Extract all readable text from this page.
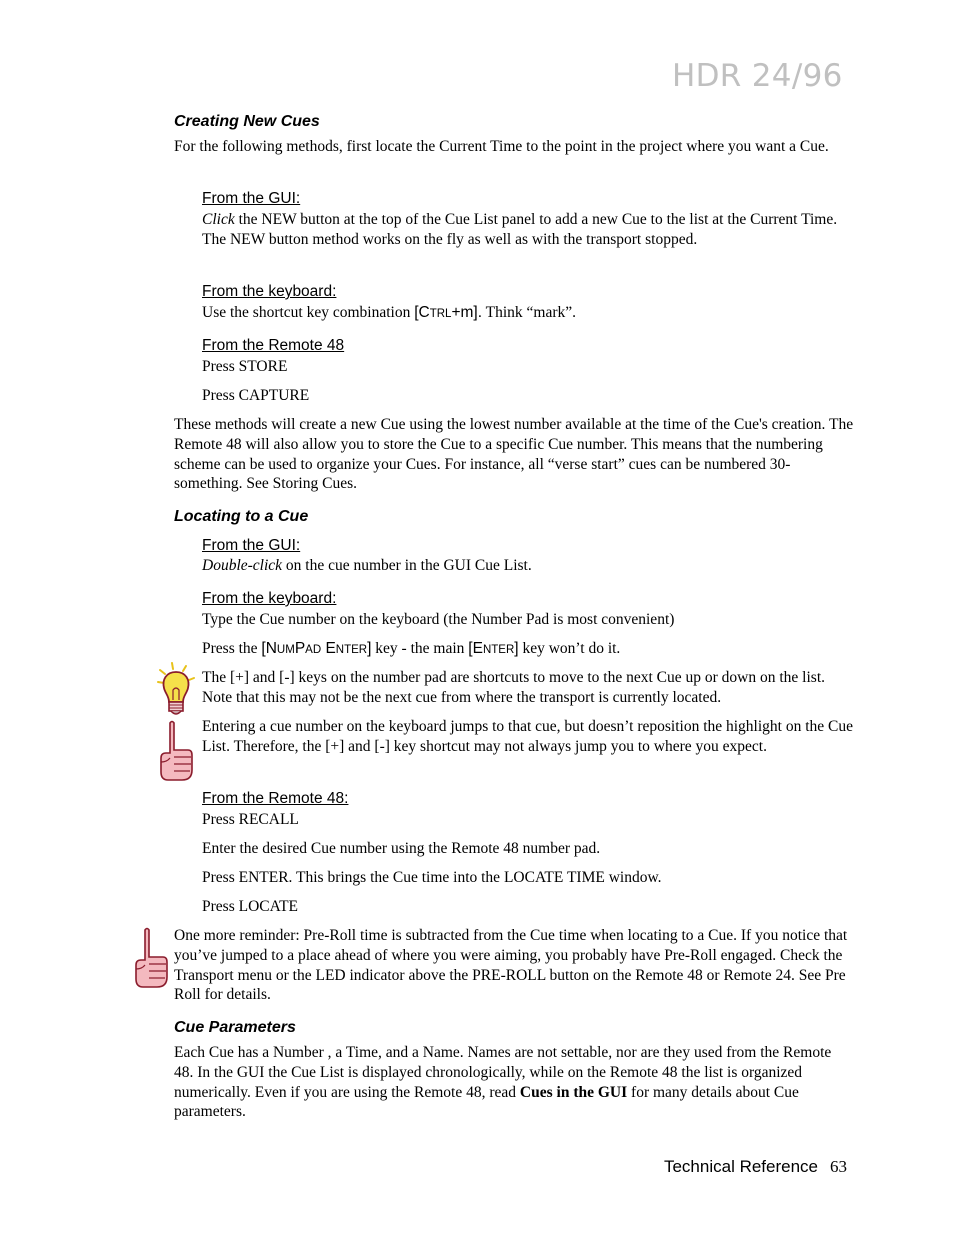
HDR 24/96
Creating New Cues
For the following methods, first locate the Current Time to the point in the project where you want a Cue.
From the GUI:
Click the NEW button at the top of the Cue List panel to add a new Cue to the list at the Current Time. The NEW button method works on the fly as well as with the transport stopped.
From the keyboard:
Use the shortcut key combination [CTRL+m]. Think “mark”.
From the Remote 48
Press STORE
Press CAPTURE
These methods will create a new Cue using the lowest number available at the time of the Cue's creation. The Remote 48 will also allow you to store the Cue to a specific Cue number. This means that the numbering scheme can be used to organize your Cues. For instance, all “verse start” cues can be numbered 30-something. See Storing Cues.
Locating to a Cue
From the GUI:
Double-click on the cue number in the GUI Cue List.
From the keyboard:
Type the Cue number on the keyboard (the Number Pad is most convenient)
Press the [NUMPAD ENTER] key - the main [ENTER] key won’t do it.
The [+] and [-] keys on the number pad are shortcuts to move to the next Cue up or down on the list. Note that this may not be the next cue from where the transport is currently located.
Entering a cue number on the keyboard jumps to that cue, but doesn’t reposition the highlight on the Cue List. Therefore, the [+] and [-] key shortcut may not always jump you to where you expect.
From the Remote 48:
Press RECALL
Enter the desired Cue number using the Remote 48 number pad.
Press ENTER. This brings the Cue time into the LOCATE TIME window.
Press LOCATE
One more reminder: Pre-Roll time is subtracted from the Cue time when locating to a Cue. If you notice that you’ve jumped to a place ahead of where you were aiming, you probably have Pre-Roll engaged. Check the Transport menu or the LED indicator above the PRE-ROLL button on the Remote 48 or Remote 24. See Pre Roll for details.
Cue Parameters
Each Cue has a Number , a Time, and a Name. Names are not settable, nor are they used from the Remote 48. In the GUI the Cue List is displayed chronologically, while on the Remote 48 the list is organized numerically. Even if you are using the Remote 48, read Cues in the GUI for many details about Cue parameters.
Technical Reference 63
